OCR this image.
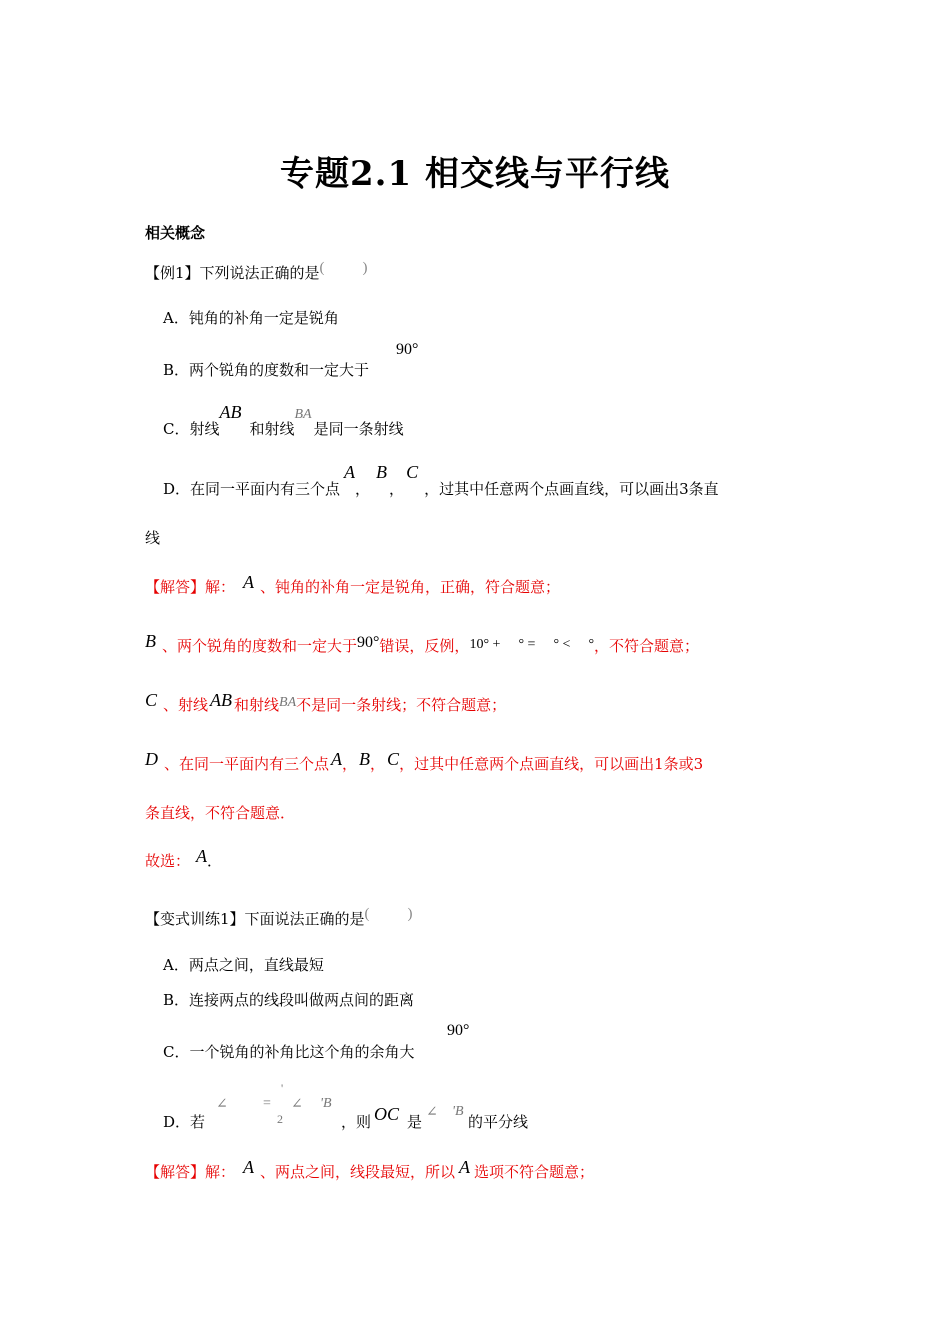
专题2.1 相交线与平行线
相关概念
【例1】下列说法正确的是(	)
A．钝角的补角一定是锐角
B．两个锐角的度数和一定大于
90°
C．射线AB和射线BA是同一条射线
D．在同一平面内有三个点A，B，C，过其中任意两个点画直线，可以画出3条直
线
【解答】解： A 、钝角的补角一定是锐角，正确，符合题意；
B 、两个锐角的度数和一定大于90°错误，反例，10° + ° = ° < °，不符合题意；
C 、射线 AB 和射线BA不是同一条射线；不符合题意；
D 、在同一平面内有三个点 A， B， C，过其中任意两个点画直线，可以画出1条或3
条直线，不符合题意．
故选： A．
【变式训练1】下面说法正确的是(	)
A．两点之间，直线最短
B．连接两点的线段叫做两点间的距离
C．一个锐角的补角比这个角的余角大
90°
D．若
∠	=
'
2
∠ 'B
，则 OC 是
∠ 'B
的平分线
【解答】解： A 、两点之间，线段最短，所以 A 选项不符合题意；
